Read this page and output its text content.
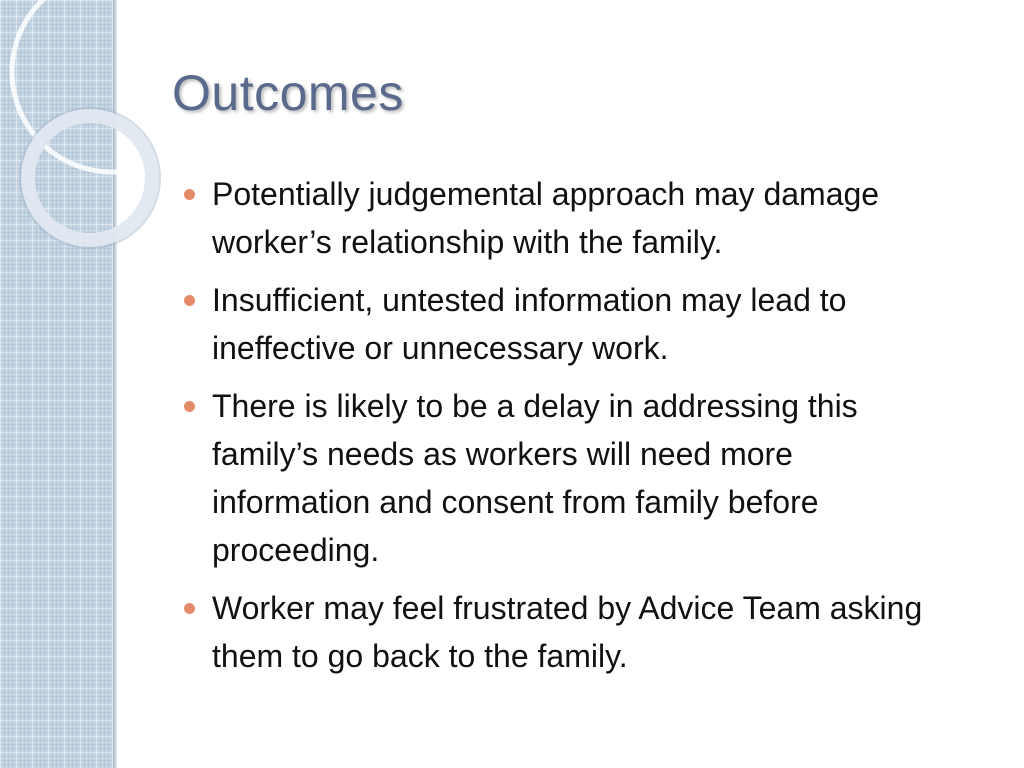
Outcomes
Potentially judgemental approach may damage worker’s relationship with the family.
Insufficient, untested information may lead to ineffective or unnecessary work.
There is likely to be a delay in addressing this family’s needs as workers will need more information and consent from family before proceeding.
Worker may feel frustrated by Advice Team asking them to go back to the family.
